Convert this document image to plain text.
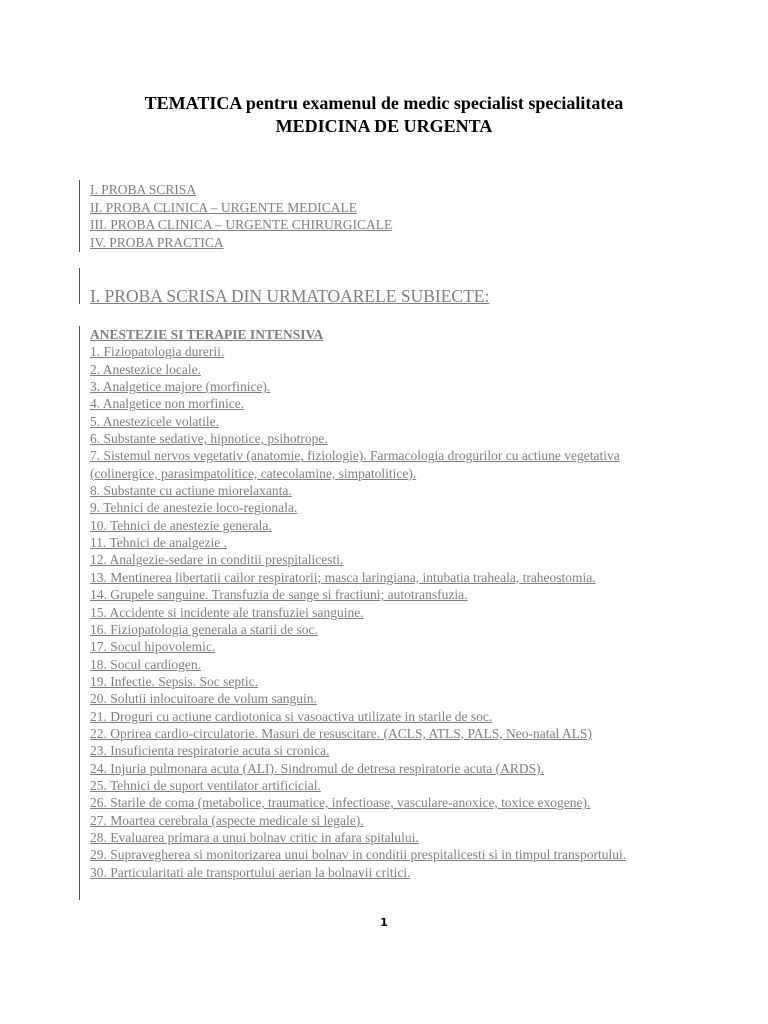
TEMATICA pentru examenul de medic specialist specialitatea
MEDICINA DE URGENTA
I. PROBA SCRISA
II. PROBA CLINICA – URGENTE MEDICALE
III. PROBA CLINICA – URGENTE CHIRURGICALE
IV. PROBA PRACTICA
I. PROBA SCRISA DIN URMATOARELE SUBIECTE:
ANESTEZIE SI TERAPIE INTENSIVA
1. Fiziopatologia durerii.
2. Anestezice locale.
3. Analgetice majore (morfinice).
4. Analgetice non morfinice.
5. Anestezicele volatile.
6. Substante sedative, hipnotice, psihotrope.
7. Sistemul nervos vegetativ (anatomie, fiziologie). Farmacologia drogurilor cu actiune vegetativa (colinergice, parasimpatolitice, catecolamine, simpatolitice).
8. Substante cu actiune miorelaxanta.
9. Tehnici de anestezie loco-regionala.
10. Tehnici de anestezie generala.
11. Tehnici de analgezie .
12. Analgezie-sedare in conditii prespitalicesti.
13. Mentinerea libertatii cailor respiratorii; masca laringiana, intubatia traheala, traheostomia.
14. Grupele sanguine. Transfuzia de sange si fractiuni; autotransfuzia.
15. Accidente si incidente ale transfuziei sanguine.
16. Fiziopatologia generala a starii de soc.
17. Socul hipovolemic.
18. Socul cardiogen.
19. Infectie. Sepsis. Soc septic.
20. Solutii inlocuitoare de volum sanguin.
21. Droguri cu actiune cardiotonica si vasoactiva utilizate in starile de soc.
22. Oprirea cardio-circulatorie. Masuri de resuscitare. (ACLS, ATLS, PALS, Neo-natal ALS)
23. Insuficienta respiratorie acuta si cronica.
24. Injuria pulmonara acuta (ALI). Sindromul de detresa respiratorie acuta (ARDS).
25. Tehnici de suport ventilator artificicial.
26. Starile de coma (metabolice, traumatice, infectioase, vasculare-anoxice, toxice exogene).
27. Moartea cerebrala (aspecte medicale si legale).
28. Evaluarea primara a unui bolnav critic in afara spitalului.
29. Supravegherea si monitorizarea unui bolnav in conditii prespitalicesti si in timpul transportului.
30. Particularitati ale transportului aerian la bolnavii critici.
1
